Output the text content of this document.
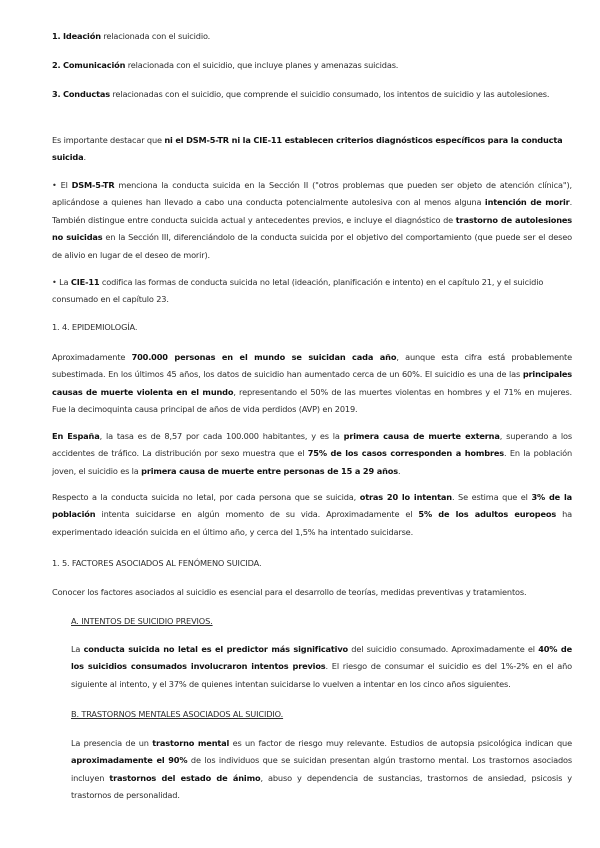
1. Ideación relacionada con el suicidio.

2. Comunicación relacionada con el suicidio, que incluye planes y amenazas suicidas.

3. Conductas relacionadas con el suicidio, que comprende el suicidio consumado, los intentos de suicidio y las autolesiones.

Es importante destacar que ni el DSM-5-TR ni la CIE-11 establecen criterios diagnósticos específicos para la conducta suicida.

• El DSM-5-TR menciona la conducta suicida en la Sección II ("otros problemas que pueden ser objeto de atención clínica"), aplicándose a quienes han llevado a cabo una conducta potencialmente autolesiva con al menos alguna intención de morir. También distingue entre conducta suicida actual y antecedentes previos, e incluye el diagnóstico de trastorno de autolesiones no suicidas en la Sección III, diferenciándolo de la conducta suicida por el objetivo del comportamiento (que puede ser el deseo de alivio en lugar de el deseo de morir).

• La CIE-11 codifica las formas de conducta suicida no letal (ideación, planificación e intento) en el capítulo 21, y el suicidio consumado en el capítulo 23.

1. 4. EPIDEMIOLOGÍA.

Aproximadamente 700.000 personas en el mundo se suicidan cada año, aunque esta cifra está probablemente subestimada. En los últimos 45 años, los datos de suicidio han aumentado cerca de un 60%. El suicidio es una de las principales causas de muerte violenta en el mundo, representando el 50% de las muertes violentas en hombres y el 71% en mujeres. Fue la decimoquinta causa principal de años de vida perdidos (AVP) en 2019.

En España, la tasa es de 8,57 por cada 100.000 habitantes, y es la primera causa de muerte externa, superando a los accidentes de tráfico. La distribución por sexo muestra que el 75% de los casos corresponden a hombres. En la población joven, el suicidio es la primera causa de muerte entre personas de 15 a 29 años.

Respecto a la conducta suicida no letal, por cada persona que se suicida, otras 20 lo intentan. Se estima que el 3% de la población intenta suicidarse en algún momento de su vida. Aproximadamente el 5% de los adultos europeos ha experimentado ideación suicida en el último año, y cerca del 1,5% ha intentado suicidarse.

1. 5. FACTORES ASOCIADOS AL FENÓMENO SUICIDA.

Conocer los factores asociados al suicidio es esencial para el desarrollo de teorías, medidas preventivas y tratamientos.

A. INTENTOS DE SUICIDIO PREVIOS.

La conducta suicida no letal es el predictor más significativo del suicidio consumado. Aproximadamente el 40% de los suicidios consumados involucraron intentos previos. El riesgo de consumar el suicidio es del 1%-2% en el año siguiente al intento, y el 37% de quienes intentan suicidarse lo vuelven a intentar en los cinco años siguientes.

B. TRASTORNOS MENTALES ASOCIADOS AL SUICIDIO.

La presencia de un trastorno mental es un factor de riesgo muy relevante. Estudios de autopsia psicológica indican que aproximadamente el 90% de los individuos que se suicidan presentan algún trastorno mental. Los trastornos asociados incluyen trastornos del estado de ánimo, abuso y dependencia de sustancias, trastornos de ansiedad, psicosis y trastornos de personalidad.
